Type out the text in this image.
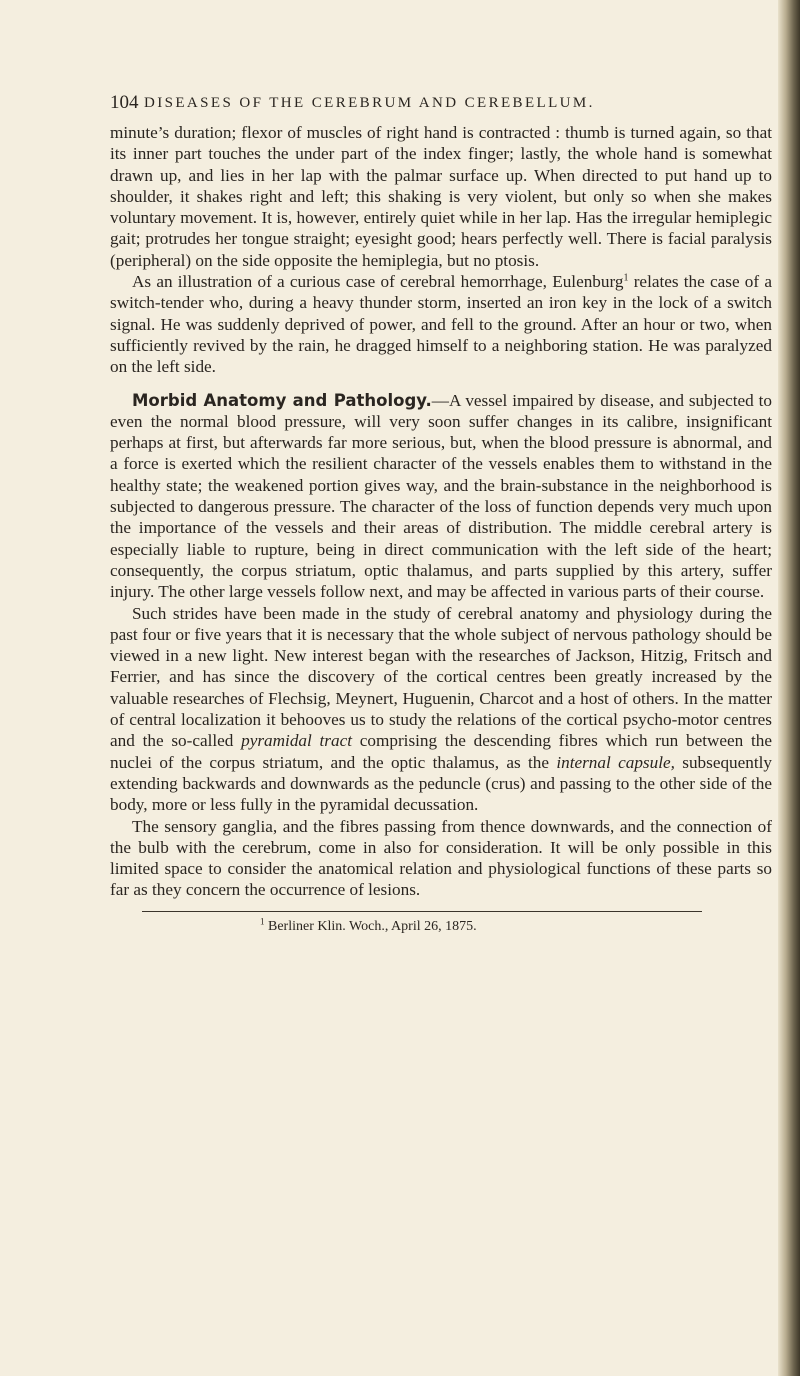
104 DISEASES OF THE CEREBRUM AND CEREBELLUM.

minute’s duration; flexor of muscles of right hand is contracted : thumb is turned again, so that its inner part touches the under part of the index finger; lastly, the whole hand is somewhat drawn up, and lies in her lap with the palmar surface up. When directed to put hand up to shoulder, it shakes right and left; this shaking is very violent, but only so when she makes voluntary movement. It is, however, entirely quiet while in her lap. Has the irregular hemiplegic gait; protrudes her tongue straight; eyesight good; hears perfectly well. There is facial paralysis (peripheral) on the side opposite the hemiplegia, but no ptosis.

As an illustration of a curious case of cerebral hemorrhage, Eulenburg$^1$ relates the case of a switch-tender who, during a heavy thunder storm, inserted an iron key in the lock of a switch signal. He was suddenly deprived of power, and fell to the ground. After an hour or two, when sufficiently revived by the rain, he dragged himself to a neighboring station. He was paralyzed on the left side.

Morbid Anatomy and Pathology.—A vessel impaired by disease, and subjected to even the normal blood pressure, will very soon suffer changes in its calibre, insignificant perhaps at first, but afterwards far more serious, but, when the blood pressure is abnormal, and a force is exerted which the resilient character of the vessels enables them to withstand in the healthy state; the weakened portion gives way, and the brain-substance in the neighborhood is subjected to dangerous pressure. The character of the loss of function depends very much upon the importance of the vessels and their areas of distribution. The middle cerebral artery is especially liable to rupture, being in direct communication with the left side of the heart; consequently, the corpus striatum, optic thalamus, and parts supplied by this artery, suffer injury. The other large vessels follow next, and may be affected in various parts of their course.

Such strides have been made in the study of cerebral anatomy and physiology during the past four or five years that it is necessary that the whole subject of nervous pathology should be viewed in a new light. New interest began with the researches of Jackson, Hitzig, Fritsch and Ferrier, and has since the discovery of the cortical centres been greatly increased by the valuable researches of Flechsig, Meynert, Huguenin, Charcot and a host of others. In the matter of central localization it behooves us to study the relations of the cortical psycho-motor centres and the so-called pyramidal tract comprising the descending fibres which run between the nuclei of the corpus striatum, and the optic thalamus, as the internal capsule, subsequently extending backwards and downwards as the peduncle (crus) and passing to the other side of the body, more or less fully in the pyramidal decussation.

The sensory ganglia, and the fibres passing from thence downwards, and the connection of the bulb with the cerebrum, come in also for consideration. It will be only possible in this limited space to consider the anatomical relation and physiological functions of these parts so far as they concern the occurrence of lesions.

$^1$ Berliner Klin. Woch., April 26, 1875.
